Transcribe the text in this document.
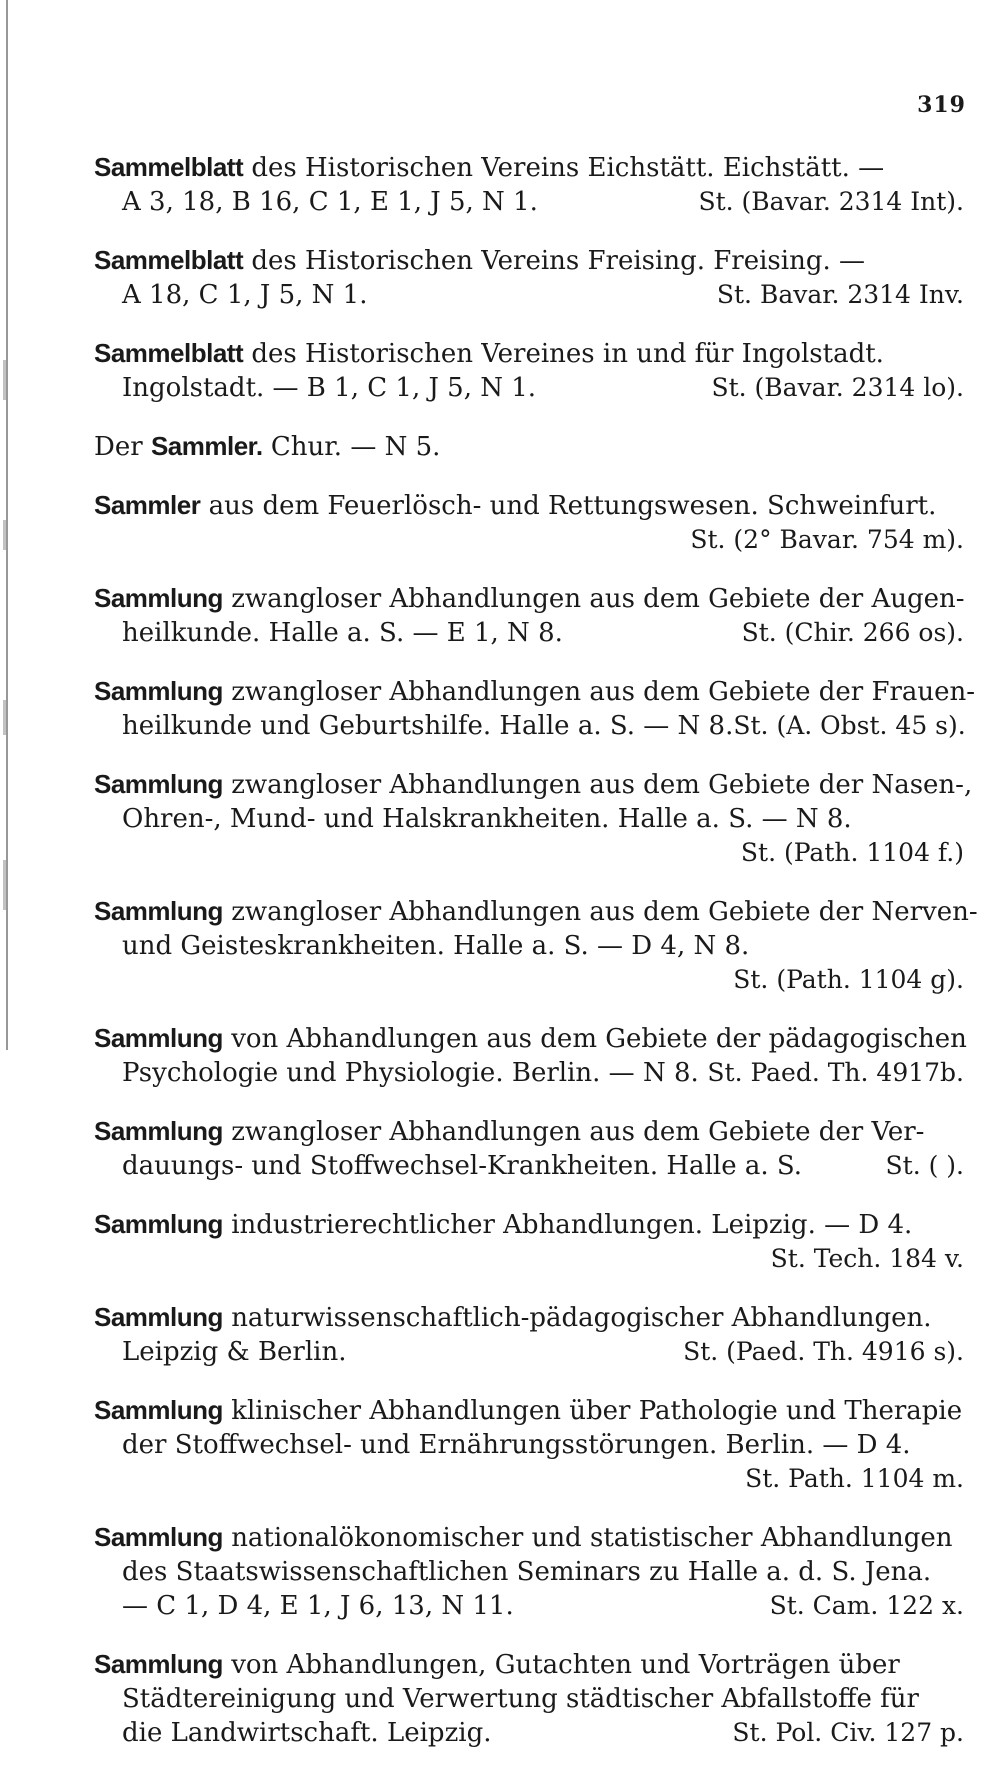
319
Sammelblatt des Historischen Vereins Eichstätt. Eichstätt. —
A 3, 18, B 16, C 1, E 1, J 5, N 1.	St. (Bavar. 2314 Int).
Sammelblatt des Historischen Vereins Freising. Freising. —
A 18, C 1, J 5, N 1.	St. Bavar. 2314 Inv.
Sammelblatt des Historischen Vereines in und für Ingolstadt.
Ingolstadt. — B 1, C 1, J 5, N 1.	St. (Bavar. 2314 lo).
Der Sammler. Chur. — N 5.
Sammler aus dem Feuerlösch- und Rettungswesen. Schweinfurt.
St. (2° Bavar. 754 m).
Sammlung zwangloser Abhandlungen aus dem Gebiete der Augen-
heilkunde. Halle a. S. — E 1, N 8.	St. (Chir. 266 os).
Sammlung zwangloser Abhandlungen aus dem Gebiete der Frauen-
heilkunde und Geburtshilfe. Halle a. S. — N 8. St. (A. Obst. 45 s).
Sammlung zwangloser Abhandlungen aus dem Gebiete der Nasen-,
Ohren-, Mund- und Halskrankheiten. Halle a. S. — N 8.
St. (Path. 1104 f.)
Sammlung zwangloser Abhandlungen aus dem Gebiete der Nerven-
und Geisteskrankheiten. Halle a. S. — D 4, N 8.
St. (Path. 1104 g).
Sammlung von Abhandlungen aus dem Gebiete der pädagogischen
Psychologie und Physiologie. Berlin. — N 8. St. Paed. Th. 4917b.
Sammlung zwangloser Abhandlungen aus dem Gebiete der Ver-
dauungs- und Stoffwechsel-Krankheiten. Halle a. S.	St. ( ).
Sammlung industrierechtlicher Abhandlungen. Leipzig. — D 4.
St. Tech. 184 v.
Sammlung naturwissenschaftlich-pädagogischer Abhandlungen.
Leipzig & Berlin.	St. (Paed. Th. 4916 s).
Sammlung klinischer Abhandlungen über Pathologie und Therapie
der Stoffwechsel- und Ernährungsstörungen. Berlin. — D 4.
St. Path. 1104 m.
Sammlung nationalökonomischer und statistischer Abhandlungen
des Staatswissenschaftlichen Seminars zu Halle a. d. S. Jena.
— C 1, D 4, E 1, J 6, 13, N 11.	St. Cam. 122 x.
Sammlung von Abhandlungen, Gutachten und Vorträgen über
Städtereinigung und Verwertung städtischer Abfallstoffe für
die Landwirtschaft. Leipzig.	St. Pol. Civ. 127 p.
